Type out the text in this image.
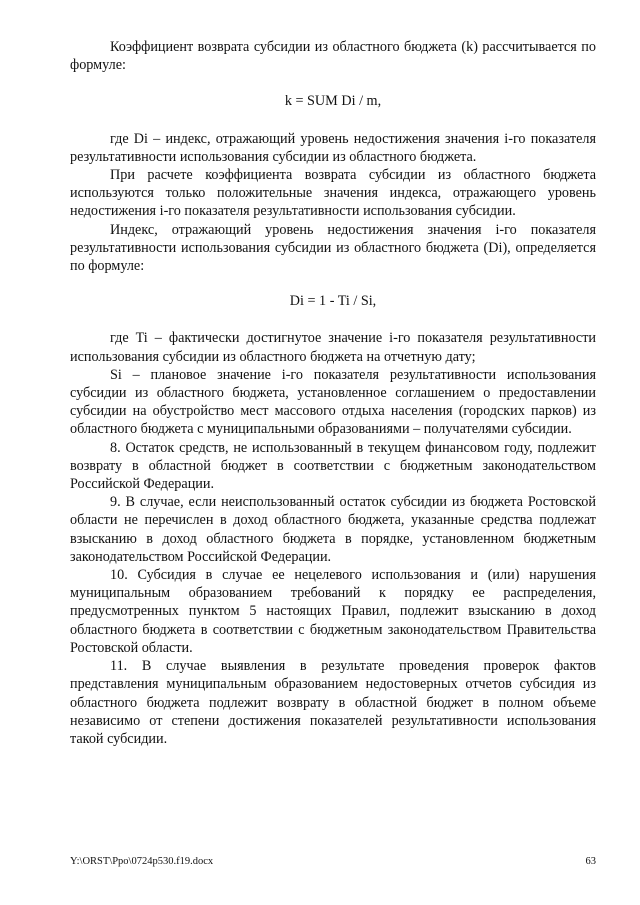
Коэффициент возврата субсидии из областного бюджета (k) рассчитывается по формуле:

k = SUM Di / m,

где Di – индекс, отражающий уровень недостижения значения i-го показателя результативности использования субсидии из областного бюджета.

При расчете коэффициента возврата субсидии из областного бюджета используются только положительные значения индекса, отражающего уровень недостижения i-го показателя результативности использования субсидии.

Индекс, отражающий уровень недостижения значения i-го показателя результативности использования субсидии из областного бюджета (Di), определяется по формуле:

Di = 1 - Ti / Si,

где Ti – фактически достигнутое значение i-го показателя результативности использования субсидии из областного бюджета на отчетную дату;

Si – плановое значение i-го показателя результативности использования субсидии из областного бюджета, установленное соглашением о предоставлении субсидии на обустройство мест массового отдыха населения (городских парков) из областного бюджета с муниципальными образованиями – получателями субсидии.

8. Остаток средств, не использованный в текущем финансовом году, подлежит возврату в областной бюджет в соответствии с бюджетным законодательством Российской Федерации.

9. В случае, если неиспользованный остаток субсидии из бюджета Ростовской области не перечислен в доход областного бюджета, указанные средства подлежат взысканию в доход областного бюджета в порядке, установленном бюджетным законодательством Российской Федерации.

10. Субсидия в случае ее нецелевого использования и (или) нарушения муниципальным образованием требований к порядку ее распределения, предусмотренных пунктом 5 настоящих Правил, подлежит взысканию в доход областного бюджета в соответствии с бюджетным законодательством Правительства Ростовской области.

11. В случае выявления в результате проведения проверок фактов представления муниципальным образованием недостоверных отчетов субсидия из областного бюджета подлежит возврату в областной бюджет в полном объеме независимо от степени достижения показателей результативности использования такой субсидии.

Y:\ORST\Ppo\0724p530.f19.docx	63
